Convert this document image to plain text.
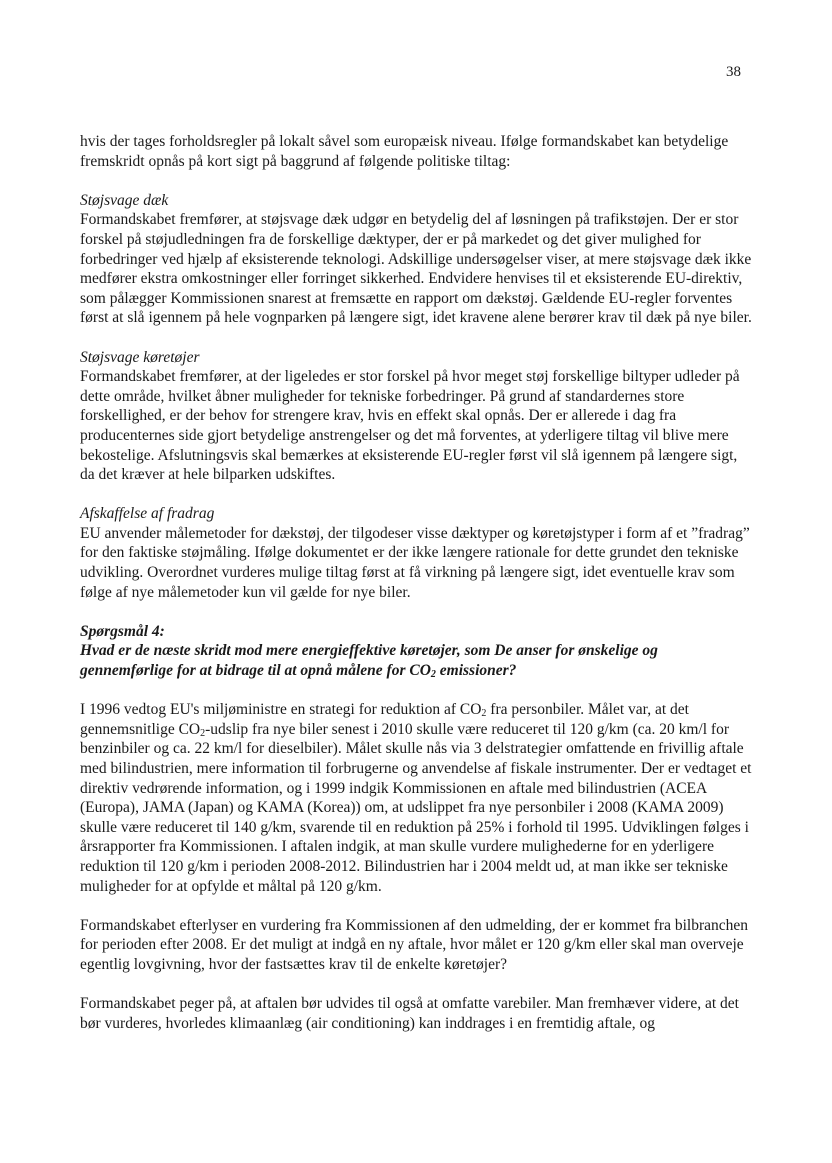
38

hvis der tages forholdsregler på lokalt såvel som europæisk niveau. Ifølge formandskabet kan betydelige fremskridt opnås på kort sigt på baggrund af følgende politiske tiltag:

Støjsvage dæk
Formandskabet fremfører, at støjsvage dæk udgør en betydelig del af løsningen på trafikstøjen. Der er stor forskel på støjudledningen fra de forskellige dæktyper, der er på markedet og det giver mulighed for forbedringer ved hjælp af eksisterende teknologi. Adskillige undersøgelser viser, at mere støjsvage dæk ikke medfører ekstra omkostninger eller forringet sikkerhed. Endvidere henvises til et eksisterende EU-direktiv, som pålægger Kommissionen snarest at fremsætte en rapport om dækstøj. Gældende EU-regler forventes først at slå igennem på hele vognparken på længere sigt, idet kravene alene berører krav til dæk på nye biler.
Støjsvage køretøjer
Formandskabet fremfører, at der ligeledes er stor forskel på hvor meget støj forskellige biltyper udleder på dette område, hvilket åbner muligheder for tekniske forbedringer. På grund af standardernes store forskellighed, er der behov for strengere krav, hvis en effekt skal opnås. Der er allerede i dag fra producenternes side gjort betydelige anstrengelser og det må forventes, at yderligere tiltag vil blive mere bekostelige. Afslutningsvis skal bemærkes at eksisterende EU-regler først vil slå igennem på længere sigt, da det kræver at hele bilparken udskiftes.
Afskaffelse af fradrag
EU anvender målemetoder for dækstøj, der tilgodeser visse dæktyper og køretøjstyper i form af et ”fradrag” for den faktiske støjmåling. Ifølge dokumentet er der ikke længere rationale for dette grundet den tekniske udvikling. Overordnet vurderes mulige tiltag først at få virkning på længere sigt, idet eventuelle krav som følge af nye målemetoder kun vil gælde for nye biler.
Spørgsmål 4:
Hvad er de næste skridt mod mere energieffektive køretøjer, som De anser for ønskelige og gennemførlige for at bidrage til at opnå målene for $CO_2$ emissioner?

I 1996 vedtog EU's miljøministre en strategi for reduktion af $CO_2$ fra personbiler. Målet var, at det gennemsnitlige $CO_2$-udslip fra nye biler senest i 2010 skulle være reduceret til 120 g/km (ca. 20 km/l for benzinbiler og ca. 22 km/l for dieselbiler). Målet skulle nås via 3 delstrategier omfattende en frivillig aftale med bilindustrien, mere information til forbrugerne og anvendelse af fiskale instrumenter. Der er vedtaget et direktiv vedrørende information, og i 1999 indgik Kommissionen en aftale med bilindustrien (ACEA (Europa), JAMA (Japan) og KAMA (Korea)) om, at udslippet fra nye personbiler i 2008 (KAMA 2009) skulle være reduceret til 140 g/km, svarende til en reduktion på 25% i forhold til 1995. Udviklingen følges i årsrapporter fra Kommissionen. I aftalen indgik, at man skulle vurdere mulighederne for en yderligere reduktion til 120 g/km i perioden 2008-2012. Bilindustrien har i 2004 meldt ud, at man ikke ser tekniske muligheder for at opfylde et måltal på 120 g/km.

Formandskabet efterlyser en vurdering fra Kommissionen af den udmelding, der er kommet fra bilbranchen for perioden efter 2008. Er det muligt at indgå en ny aftale, hvor målet er 120 g/km eller skal man overveje egentlig lovgivning, hvor der fastsættes krav til de enkelte køretøjer?

Formandskabet peger på, at aftalen bør udvides til også at omfatte varebiler. Man fremhæver videre, at det bør vurderes, hvorledes klimaanlæg (air conditioning) kan inddrages i en fremtidig aftale, og
